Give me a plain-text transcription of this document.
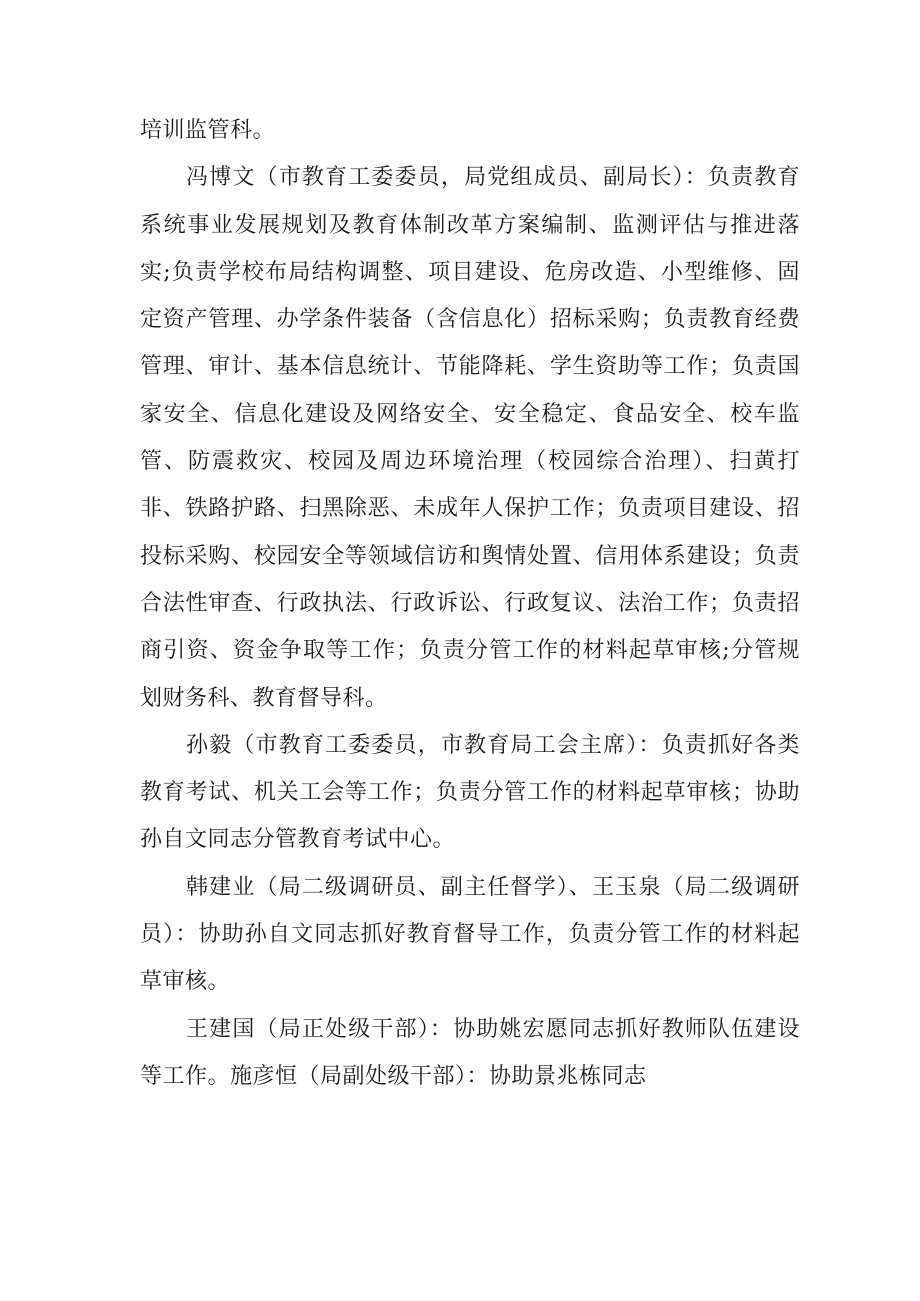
培训监管科。

冯博文（市教育工委委员，局党组成员、副局长）：负责教育系统事业发展规划及教育体制改革方案编制、监测评估与推进落实;负责学校布局结构调整、项目建设、危房改造、小型维修、固定资产管理、办学条件装备（含信息化）招标采购；负责教育经费管理、审计、基本信息统计、节能降耗、学生资助等工作；负责国家安全、信息化建设及网络安全、安全稳定、食品安全、校车监管、防震救灾、校园及周边环境治理（校园综合治理）、扫黄打非、铁路护路、扫黑除恶、未成年人保护工作；负责项目建设、招投标采购、校园安全等领域信访和舆情处置、信用体系建设；负责合法性审查、行政执法、行政诉讼、行政复议、法治工作；负责招商引资、资金争取等工作；负责分管工作的材料起草审核;分管规划财务科、教育督导科。

孙毅（市教育工委委员，市教育局工会主席）：负责抓好各类教育考试、机关工会等工作；负责分管工作的材料起草审核；协助孙自文同志分管教育考试中心。

韩建业（局二级调研员、副主任督学）、王玉泉（局二级调研员）：协助孙自文同志抓好教育督导工作，负责分管工作的材料起草审核。

王建国（局正处级干部）：协助姚宏愿同志抓好教师队伍建设等工作。施彦恒（局副处级干部）：协助景兆栋同志
